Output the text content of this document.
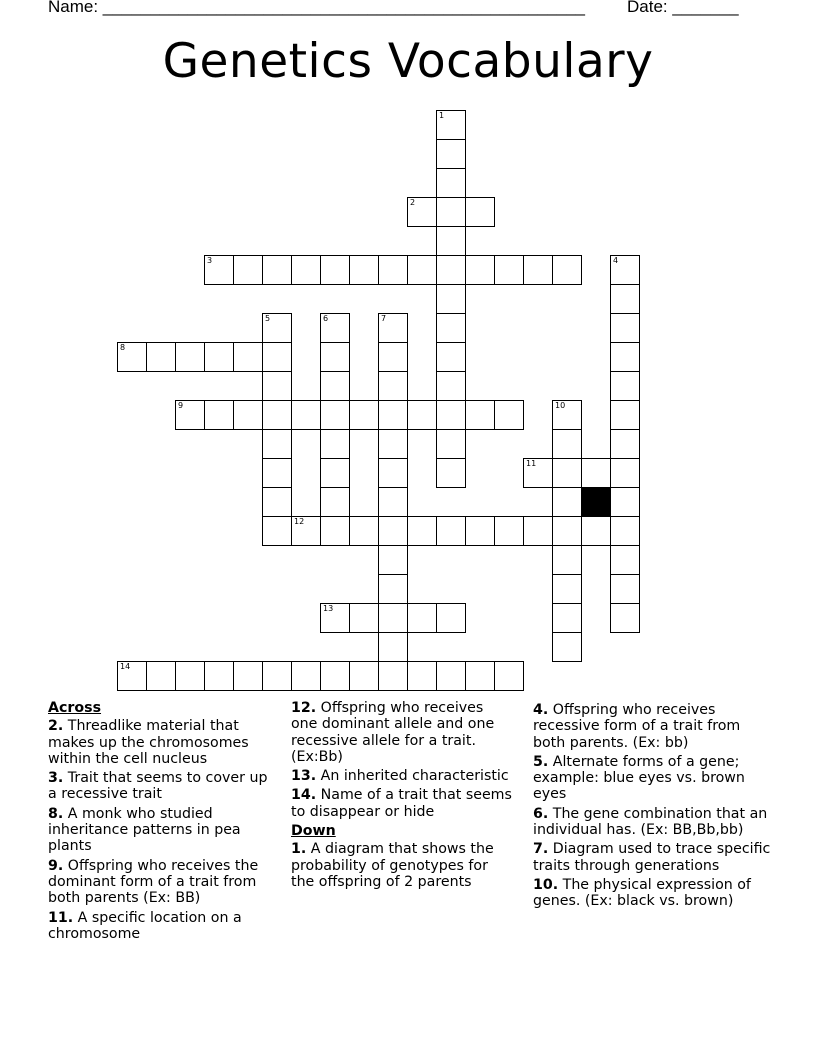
Name: ___________________________________________________ Date: _______
Genetics Vocabulary
1
2
3	4
5	6	7
8
9	10
11
12
13
14
Across
2. Threadlike material that makes up the chromosomes within the cell nucleus
3. Trait that seems to cover up a recessive trait
8. A monk who studied inheritance patterns in pea plants
9. Offspring who receives the dominant form of a trait from both parents (Ex: BB)
11. A specific location on a chromosome
12. Offspring who receives one dominant allele and one recessive allele for a trait. (Ex:Bb)
13. An inherited characteristic
14. Name of a trait that seems to disappear or hide
Down
1. A diagram that shows the probability of genotypes for the offspring of 2 parents
4. Offspring who receives recessive form of a trait from both parents. (Ex: bb)
5. Alternate forms of a gene; example: blue eyes vs. brown eyes
6. The gene combination that an individual has. (Ex: BB,Bb,bb)
7. Diagram used to trace specific traits through generations
10. The physical expression of genes. (Ex: black vs. brown)
